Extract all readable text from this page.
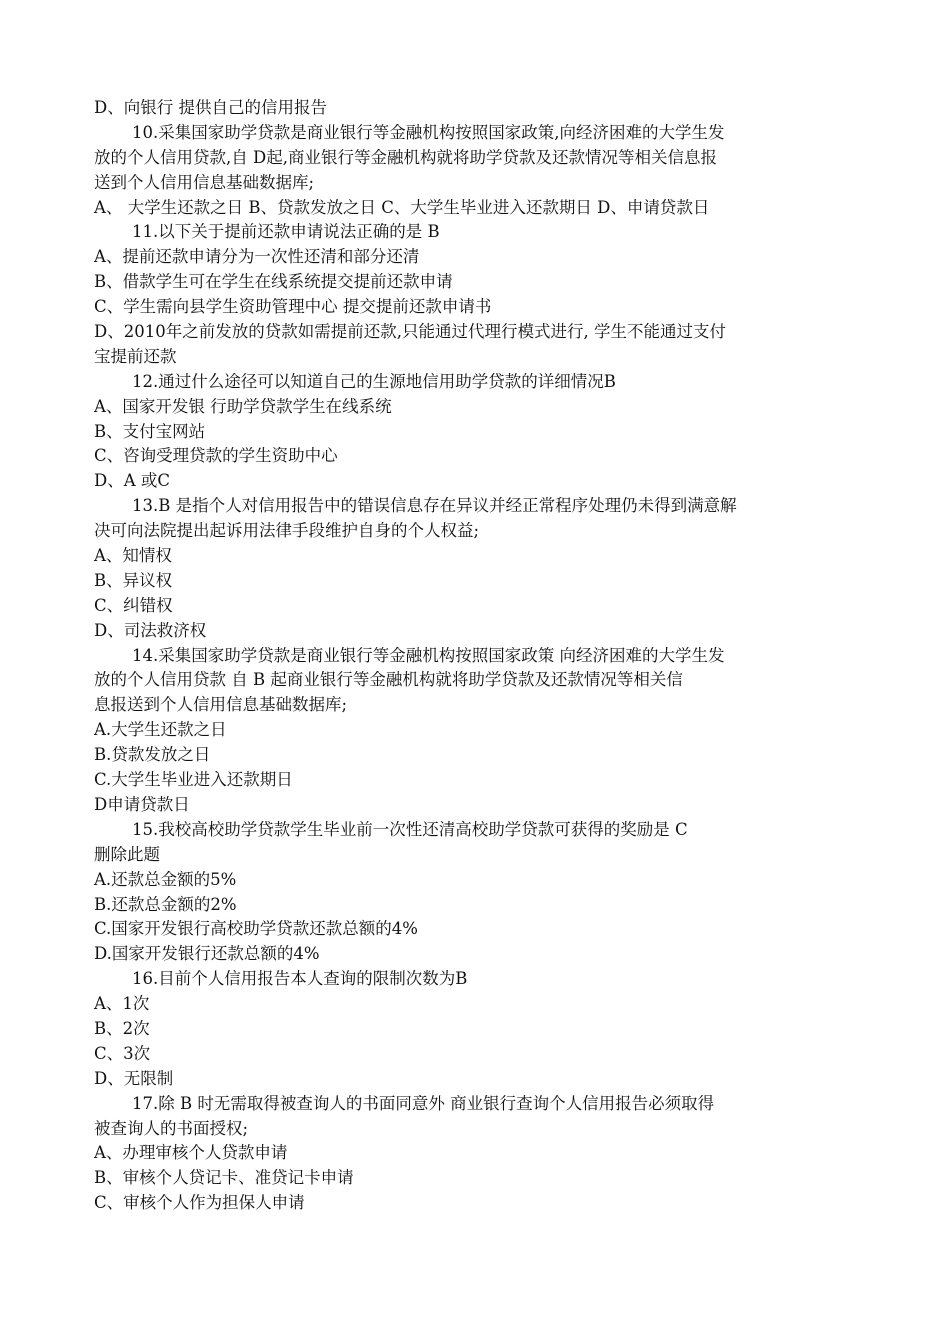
D、向银行 提供自己的信用报告
10.采集国家助学贷款是商业银行等金融机构按照国家政策,向经济困难的大学生发
放的个人信用贷款,自 D起,商业银行等金融机构就将助学贷款及还款情况等相关信息报
送到个人信用信息基础数据库;
A、 大学生还款之日 B、贷款发放之日 C、大学生毕业进入还款期日 D、申请贷款日
11.以下关于提前还款申请说法正确的是 B
A、提前还款申请分为一次性还清和部分还清
B、借款学生可在学生在线系统提交提前还款申请
C、学生需向县学生资助管理中心 提交提前还款申请书
D、2010年之前发放的贷款如需提前还款,只能通过代理行模式进行, 学生不能通过支付
宝提前还款
12.通过什么途径可以知道自己的生源地信用助学贷款的详细情况B
A、国家开发银 行助学贷款学生在线系统
B、支付宝网站
C、咨询受理贷款的学生资助中心
D、A 或C
13.B 是指个人对信用报告中的错误信息存在异议并经正常程序处理仍未得到满意解
决可向法院提出起诉用法律手段维护自身的个人权益;
A、知情权
B、异议权
C、纠错权
D、司法救济权
14.采集国家助学贷款是商业银行等金融机构按照国家政策 向经济困难的大学生发
放的个人信用贷款 自 B 起商业银行等金融机构就将助学贷款及还款情况等相关信
息报送到个人信用信息基础数据库;
A.大学生还款之日
B.贷款发放之日
C.大学生毕业进入还款期日
D申请贷款日
15.我校高校助学贷款学生毕业前一次性还清高校助学贷款可获得的奖励是 C
删除此题
A.还款总金额的5%
B.还款总金额的2%
C.国家开发银行高校助学贷款还款总额的4%
D.国家开发银行还款总额的4%
16.目前个人信用报告本人查询的限制次数为B
A、1次
B、2次
C、3次
D、无限制
17.除 B 时无需取得被查询人的书面同意外 商业银行查询个人信用报告必须取得
被查询人的书面授权;
A、办理审核个人贷款申请
B、审核个人贷记卡、准贷记卡申请
C、审核个人作为担保人申请
